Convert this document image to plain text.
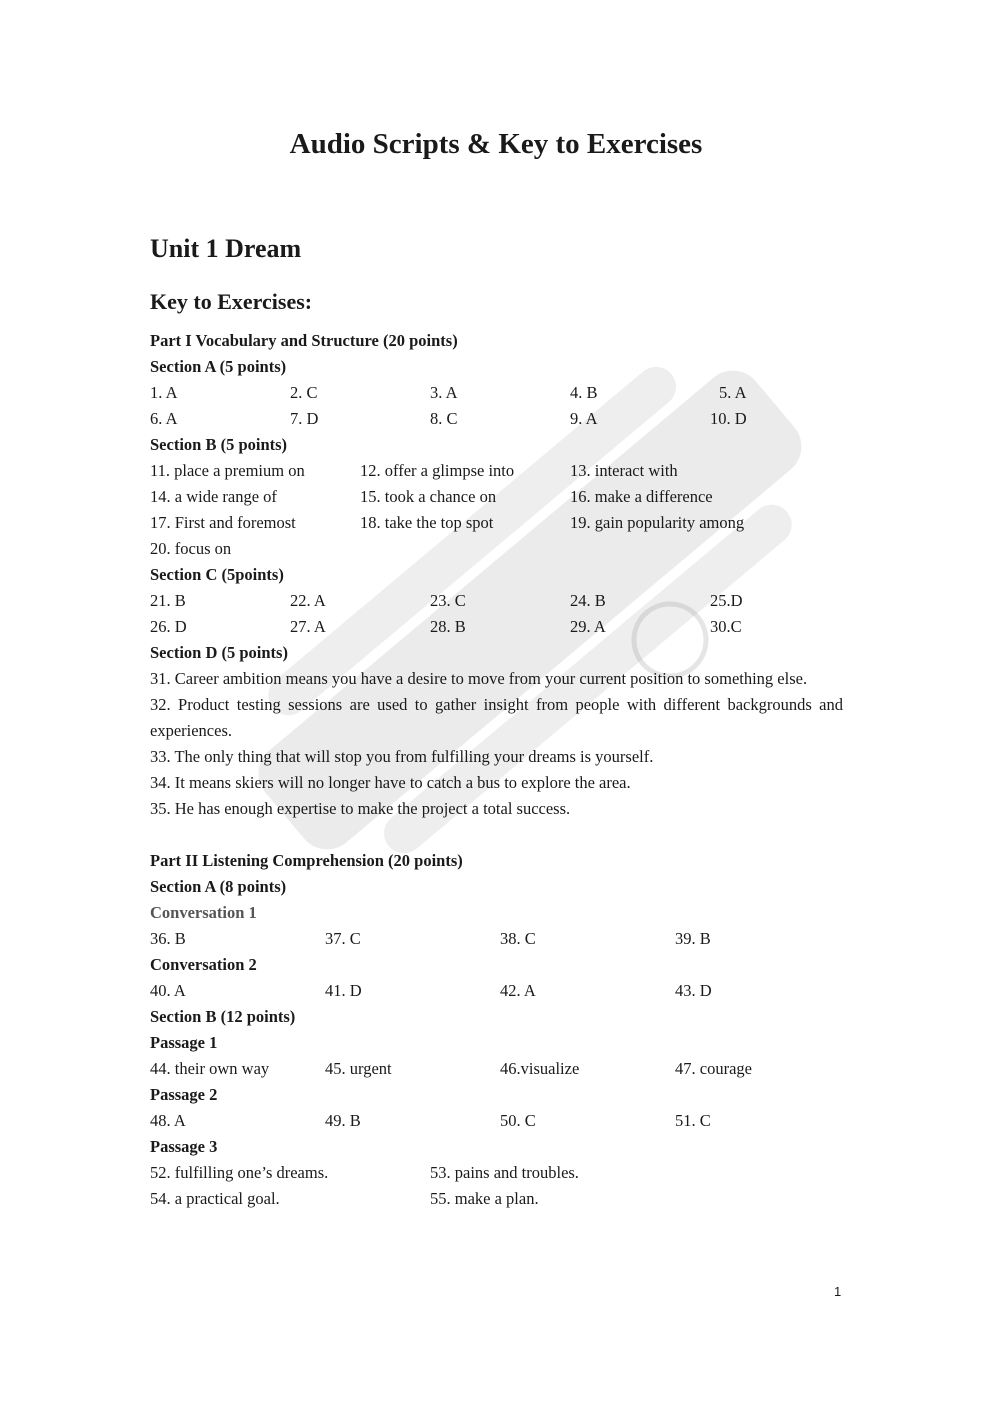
Audio Scripts & Key to Exercises
Unit 1 Dream
Key to Exercises:
Part I Vocabulary and Structure (20 points)
Section A (5 points)
1. A	2. C	3. A	4. B	5. A
6. A	7. D	8. C	9. A	10. D
Section B (5 points)
11. place a premium on	12. offer a glimpse into	13. interact with
14. a wide range of	15. took a chance on	16. make a difference
17. First and foremost	18. take the top spot	19. gain popularity among
20. focus on
Section C (5points)
21. B	22. A	23. C	24. B	25.D
26. D	27. A	28. B	29. A	30.C
Section D (5 points)
31. Career ambition means you have a desire to move from your current position to something else.
32. Product testing sessions are used to gather insight from people with different backgrounds and experiences.
33. The only thing that will stop you from fulfilling your dreams is yourself.
34. It means skiers will no longer have to catch a bus to explore the area.
35. He has enough expertise to make the project a total success.
Part II Listening Comprehension (20 points)
Section A (8 points)
Conversation 1
36. B	37. C	38. C	39. B
Conversation 2
40. A	41. D	42. A	43. D
Section B (12 points)
Passage 1
44. their own way	45. urgent	46.visualize	47. courage
Passage 2
48. A	49. B	50. C	51. C
Passage 3
52. fulfilling one’s dreams.	53. pains and troubles.
54. a practical goal.	55. make a plan.
1
